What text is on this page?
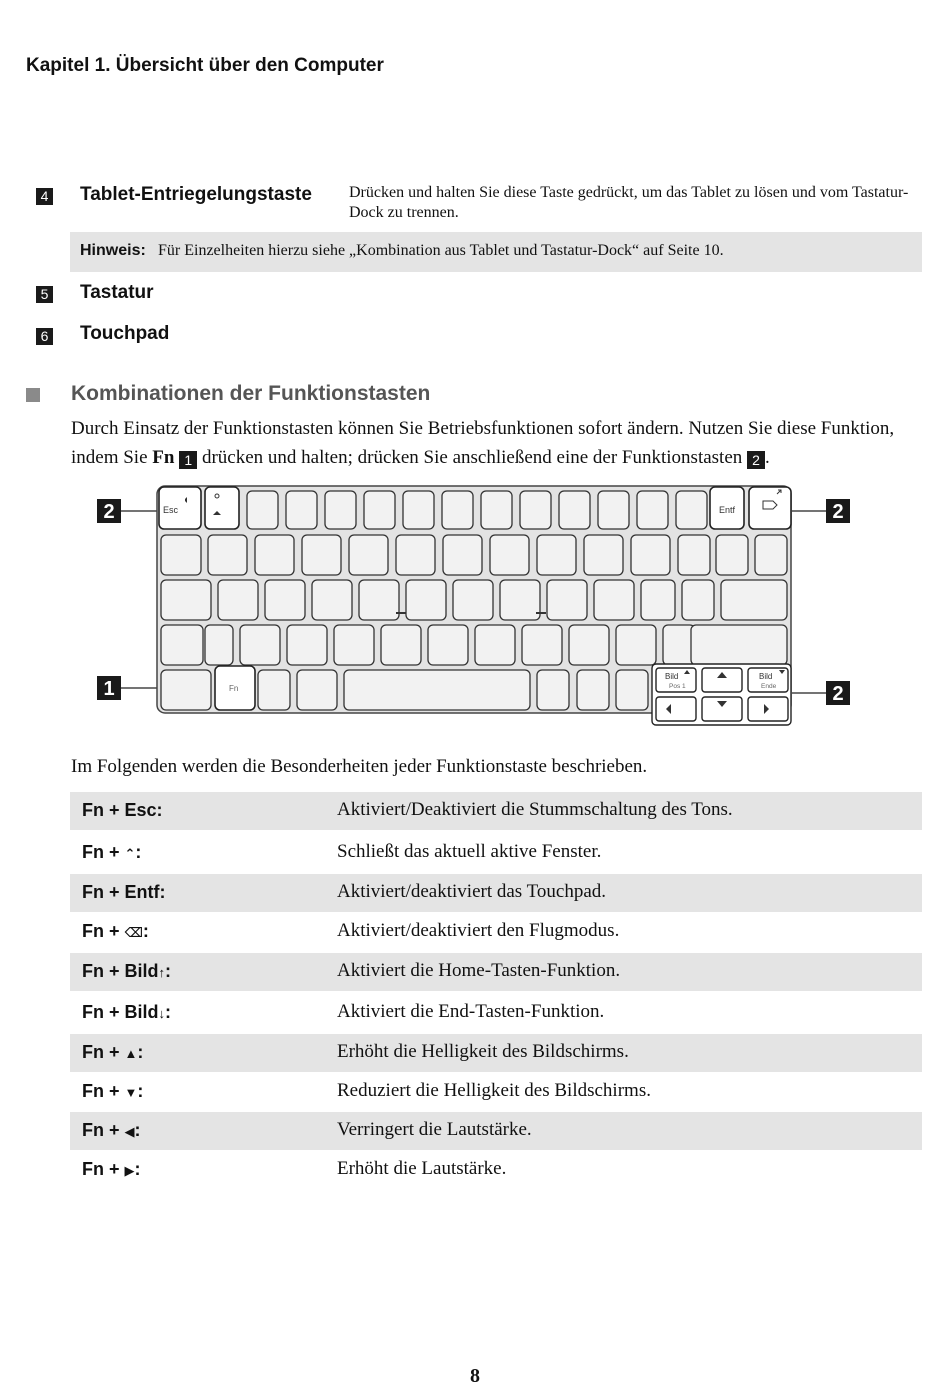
Kapitel 1. Übersicht über den Computer
4 Tablet-Entriegelungstaste Drücken und halten Sie diese Taste gedrückt, um das Tablet zu lösen und vom Tastatur-Dock zu trennen.
Hinweis: Für Einzelheiten hierzu siehe „Kombination aus Tablet und Tastatur-Dock“ auf Seite 10.
5 Tastatur
6 Touchpad
Kombinationen der Funktionstasten
Durch Einsatz der Funktionstasten können Sie Betriebsfunktionen sofort ändern. Nutzen Sie diese Funktion, indem Sie Fn 1 drücken und halten; drücken Sie anschließend eine der Funktionstasten 2 .
2	2
1	2
Esc	Entf
Fn
Bild
Pos 1
Bild
Ende
Im Folgenden werden die Besonderheiten jeder Funktionstaste beschrieben.
Fn + Esc:	Aktiviert/Deaktiviert die Stummschaltung des Tons.
Fn + ⌃:	Schließt das aktuell aktive Fenster.
Fn + Entf:	Aktiviert/deaktiviert das Touchpad.
Fn + ⌫:	Aktiviert/deaktiviert den Flugmodus.
Fn + Bild↑:	Aktiviert die Home-Tasten-Funktion.
Fn + Bild↓:	Aktiviert die End-Tasten-Funktion.
Fn + ▲:	Erhöht die Helligkeit des Bildschirms.
Fn + ▼:	Reduziert die Helligkeit des Bildschirms.
Fn + ◀:	Verringert die Lautstärke.
Fn + ▶:	Erhöht die Lautstärke.
8
